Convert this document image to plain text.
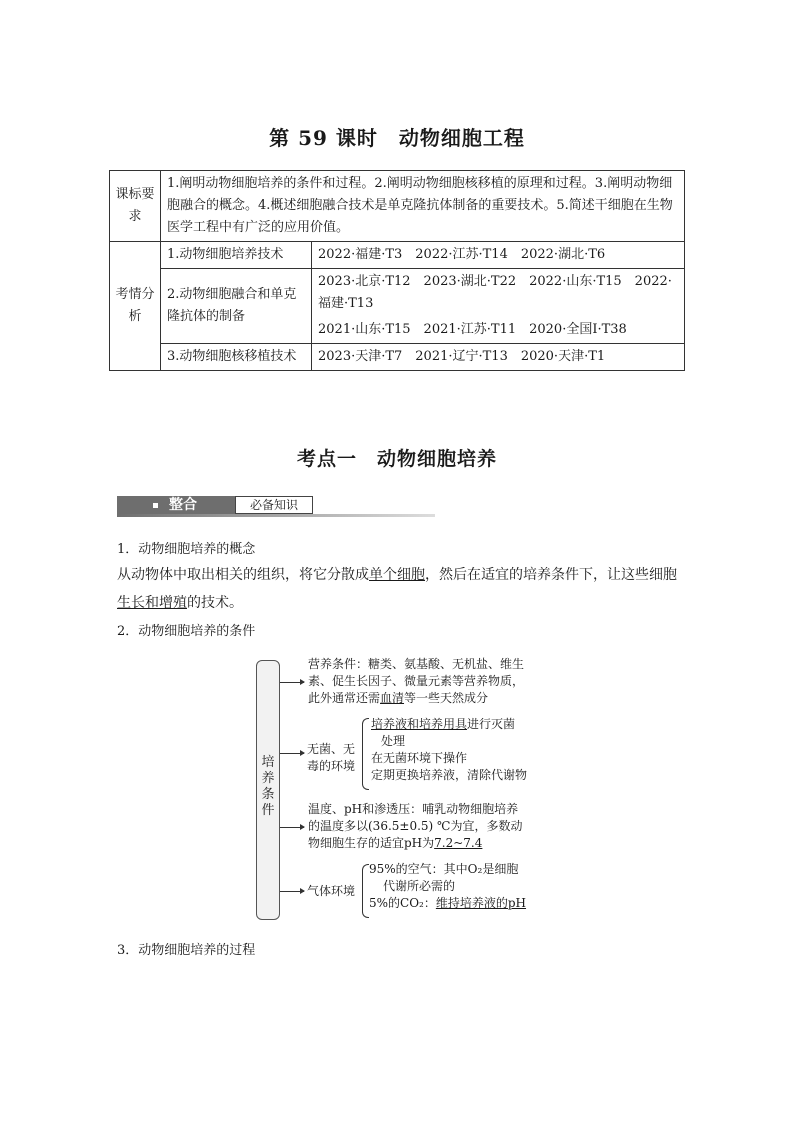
第 59 课时　动物细胞工程
课标要求	1.阐明动物细胞培养的条件和过程。2.阐明动物细胞核移植的原理和过程。3.阐明动物细胞融合的概念。4.概述细胞融合技术是单克隆抗体制备的重要技术。5.简述干细胞在生物医学工程中有广泛的应用价值。	
考情分析	1.动物细胞培养技术	2022·福建·T3　2022·江苏·T14　2022·湖北·T6
	2.动物细胞融合和单克隆抗体的制备	2023·北京·T12　2023·湖北·T22　2022·山东·T15　2022·福建·T13
2021·山东·T15　2021·江苏·T11　2020·全国Ⅰ·T38

	3.动物细胞核移植技术	2023·天津·T7　2021·辽宁·T13　2020·天津·T1
考点一　动物细胞培养
整合	必备知识
1．动物细胞培养的概念
从动物体中取出相关的组织，将它分散成单个细胞，然后在适宜的培养条件下，让这些细胞生长和增殖的技术。
2．动物细胞培养的条件
培
养
条
件
营养条件：糖类、氨基酸、无机盐、维生
素、促生长因子、微量元素等营养物质，
此外通常还需血清等一些天然成分
无菌、无
毒的环境
培养液和培养用具进行灭菌
处理
在无菌环境下操作
定期更换培养液，清除代谢物
温度、pH和渗透压：哺乳动物细胞培养
的温度多以(36.5±0.5) ℃为宜，多数动
物细胞生存的适宜pH为7.2~7.4
气体环境
95%的空气：其中O₂是细胞
代谢所必需的
5%的CO₂：维持培养液的pH
3．动物细胞培养的过程
